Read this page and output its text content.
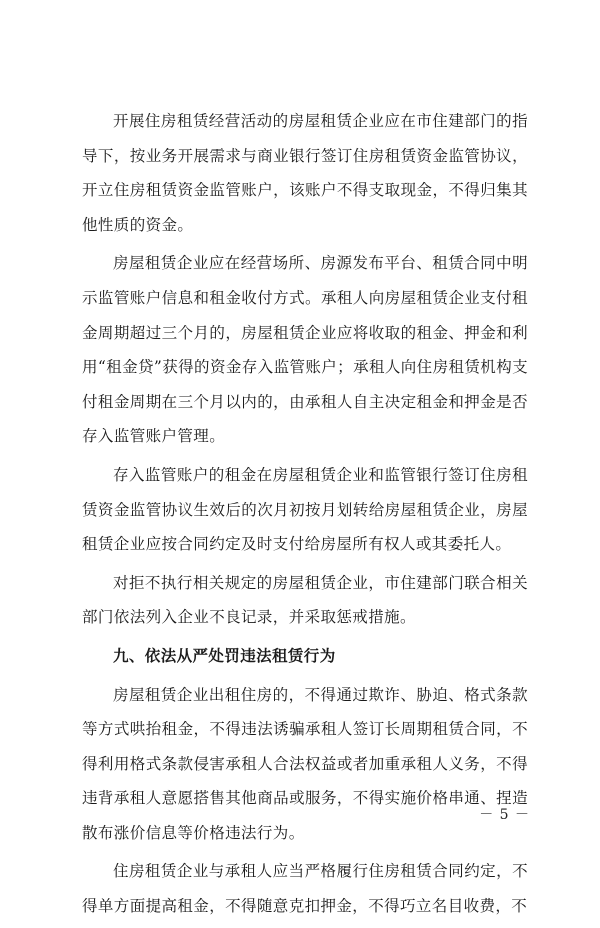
开展住房租赁经营活动的房屋租赁企业应在市住建部门的指导下，按业务开展需求与商业银行签订住房租赁资金监管协议，开立住房租赁资金监管账户，该账户不得支取现金，不得归集其他性质的资金。

房屋租赁企业应在经营场所、房源发布平台、租赁合同中明示监管账户信息和租金收付方式。承租人向房屋租赁企业支付租金周期超过三个月的，房屋租赁企业应将收取的租金、押金和利用“租金贷”获得的资金存入监管账户；承租人向住房租赁机构支付租金周期在三个月以内的，由承租人自主决定租金和押金是否存入监管账户管理。

存入监管账户的租金在房屋租赁企业和监管银行签订住房租赁资金监管协议生效后的次月初按月划转给房屋租赁企业，房屋租赁企业应按合同约定及时支付给房屋所有权人或其委托人。

对拒不执行相关规定的房屋租赁企业，市住建部门联合相关部门依法列入企业不良记录，并采取惩戒措施。

九、依法从严处罚违法租赁行为

房屋租赁企业出租住房的，不得通过欺诈、胁迫、格式条款等方式哄抬租金，不得违法诱骗承租人签订长周期租赁合同，不得利用格式条款侵害承租人合法权益或者加重承租人义务，不得违背承租人意愿搭售其他商品或服务，不得实施价格串通、捏造散布涨价信息等价格违法行为。

住房租赁企业与承租人应当严格履行住房租赁合同约定，不得单方面提高租金，不得随意克扣押金，不得巧立名目收费，不

－ 5 －
